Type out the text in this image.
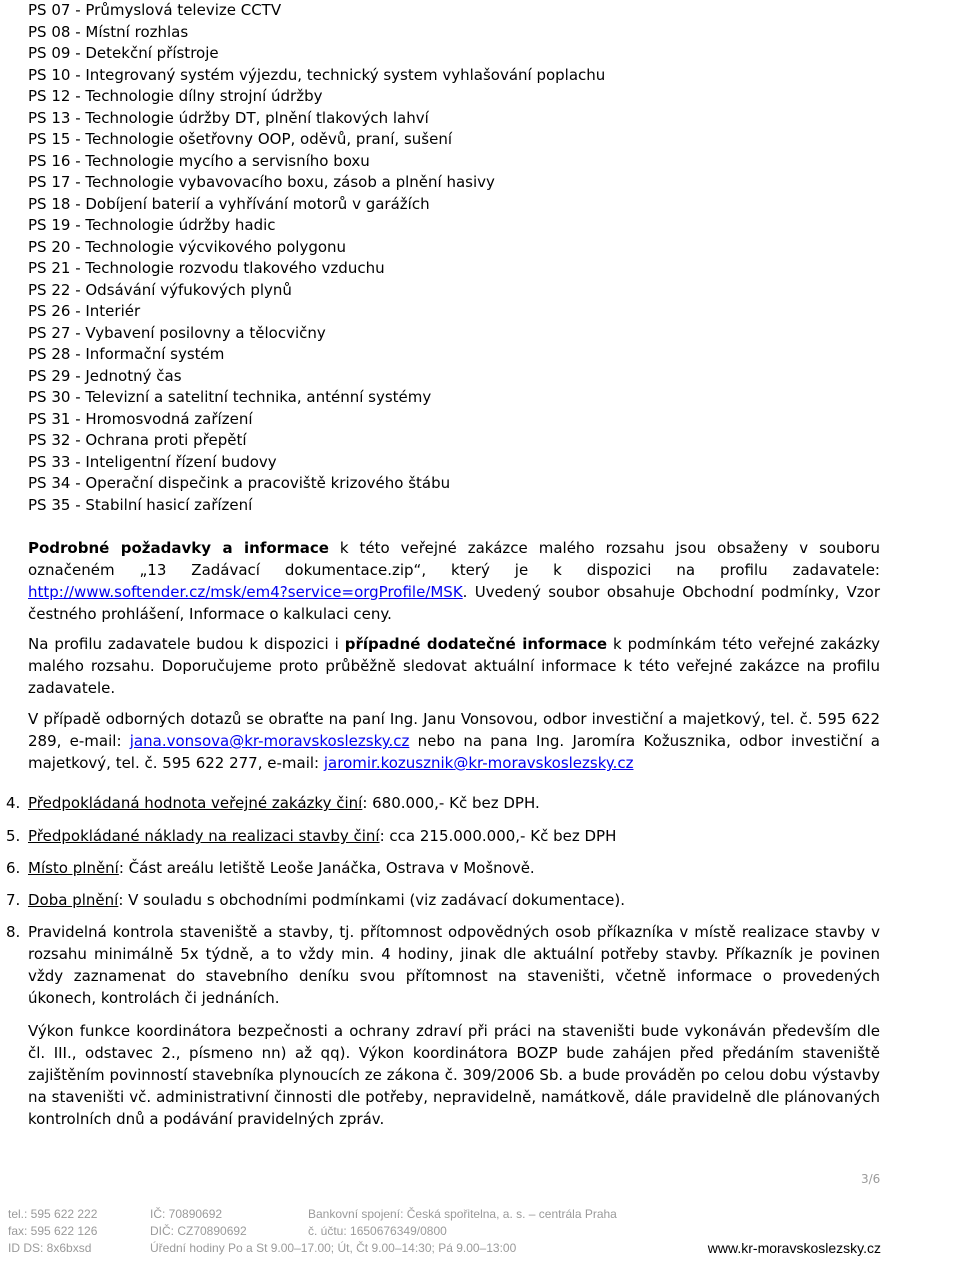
PS 07 - Průmyslová televize CCTV
PS 08 - Místní rozhlas
PS 09 - Detekční přístroje
PS 10 - Integrovaný systém výjezdu, technický system vyhlašování poplachu
PS 12 - Technologie dílny strojní údržby
PS 13 - Technologie údržby DT, plnění tlakových lahví
PS 15 - Technologie ošetřovny OOP, oděvů, praní, sušení
PS 16 - Technologie mycího a servisního boxu
PS 17 - Technologie vybavovacího boxu, zásob a plnění hasivy
PS 18 - Dobíjení baterií a vyhřívání motorů v garážích
PS 19 - Technologie údržby hadic
PS 20 - Technologie výcvikového polygonu
PS 21 - Technologie rozvodu tlakového vzduchu
PS 22 - Odsávání výfukových plynů
PS 26 - Interiér
PS 27 - Vybavení posilovny a tělocvičny
PS 28 - Informační systém
PS 29 - Jednotný čas
PS 30 - Televizní a satelitní technika, anténní systémy
PS 31 - Hromosvodná zařízení
PS 32 - Ochrana proti přepětí
PS 33 - Inteligentní řízení budovy
PS 34 - Operační dispečink a pracoviště krizového štábu
PS 35 - Stabilní hasicí zařízení
Podrobné požadavky a informace k této veřejné zakázce malého rozsahu jsou obsaženy v souboru označeném „13 Zadávací dokumentace.zip“, který je k dispozici na profilu zadavatele: http://www.softender.cz/msk/em4?service=orgProfile/MSK. Uvedený soubor obsahuje Obchodní podmínky, Vzor čestného prohlášení, Informace o kalkulaci ceny.
Na profilu zadavatele budou k dispozici i případné dodatečné informace k podmínkám této veřejné zakázky malého rozsahu. Doporučujeme proto průběžně sledovat aktuální informace k této veřejné zakázce na profilu zadavatele.
V případě odborných dotazů se obraťte na paní Ing. Janu Vonsovou, odbor investiční a majetkový, tel. č. 595 622 289, e-mail: jana.vonsova@kr-moravskoslezsky.cz nebo na pana Ing. Jaromíra Kožusznika, odbor investiční a majetkový, tel. č. 595 622 277, e-mail: jaromir.kozusznik@kr-moravskoslezsky.cz
4. Předpokládaná hodnota veřejné zakázky činí: 680.000,- Kč bez DPH.
5. Předpokládané náklady na realizaci stavby činí: cca 215.000.000,- Kč bez DPH
6. Místo plnění: Část areálu letiště Leoše Janáčka, Ostrava v Mošnově.
7. Doba plnění: V souladu s obchodními podmínkami (viz zadávací dokumentace).
8. Pravidelná kontrola staveniště a stavby, tj. přítomnost odpovědných osob příkazníka v místě realizace stavby v rozsahu minimálně 5x týdně, a to vždy min. 4 hodiny, jinak dle aktuální potřeby stavby. Příkazník je povinen vždy zaznamenat do stavebního deníku svou přítomnost na staveništi, včetně informace o provedených úkonech, kontrolách či jednáních.
Výkon funkce koordinátora bezpečnosti a ochrany zdraví při práci na staveništi bude vykonáván především dle čl. III., odstavec 2., písmeno nn) až qq). Výkon koordinátora BOZP bude zahájen před předáním staveniště zajištěním povinností stavebníka plynoucích ze zákona č. 309/2006 Sb. a bude prováděn po celou dobu výstavby na staveništi vč. administrativní činnosti dle potřeby, nepravidelně, namátkově, dále pravidelně dle plánovaných kontrolních dnů a podávání pravidelných zpráv.
3/6
tel.: 595 622 222
fax: 595 622 126
ID DS: 8x6bxsd
IČ: 70890692
DIČ: CZ70890692
Úřední hodiny Po a St 9.00–17.00; Út, Čt 9.00–14:30; Pá 9.00–13:00
Bankovní spojení: Česká spořitelna, a. s. – centrála Praha
č. účtu: 1650676349/0800
www.kr-moravskoslezsky.cz
